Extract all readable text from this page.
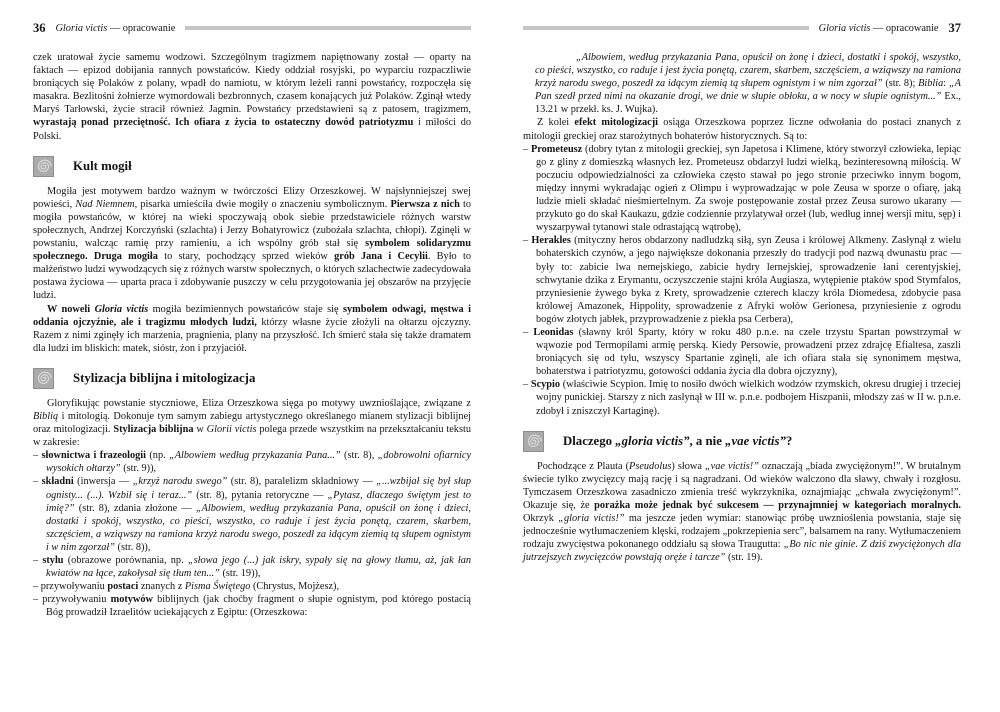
36 Gloria victis — opracowanie

czek uratował życie samemu wodzowi. Szczególnym tragizmem napiętnowany został — oparty na faktach — epizod dobijania rannych powstańców. Kiedy oddział rosyjski, po wyparciu rozpaczliwie broniących się Polaków z polany, wpadł do namiotu, w którym leżeli ranni powstańcy, rozpoczęła się masakra. Bezlitośni żołnierze wymordowali bezbronnych, czasem konających już Polaków. Zginął wtedy Maryś Tarłowski, życie stracił również Jagmin. Powstańcy przedstawieni są z patosem, tragizmem, wyrastają ponad przeciętność. Ich ofiara z życia to ostateczny dowód patriotyzmu i miłości do Polski.

Kult mogił

Mogiła jest motywem bardzo ważnym w twórczości Elizy Orzeszkowej. W najsłynniejszej swej powieści, Nad Niemnem, pisarka umieściła dwie mogiły o znaczeniu symbolicznym. Pierwsza z nich to mogiła powstańców, w której na wieki spoczywają obok siebie przedstawiciele różnych warstw społecznych, Andrzej Korczyński (szlachta) i Jerzy Bohatyrowicz (zubożała szlachta, chłopi). Zginęli w powstaniu, walcząc ramię przy ramieniu, a ich wspólny grób stał się symbolem solidaryzmu społecznego. Druga mogiła to stary, pochodzący sprzed wieków grób Jana i Cecylii. Było to małżeństwo ludzi wywodzących się z różnych warstw społecznych, o których szlachectwie zadecydowała postawa życiowa — uparta praca i zdobywanie puszczy w celu przygotowania jej obszarów na przyjęcie ludzi.

W noweli Gloria victis mogiła bezimiennych powstańców staje się symbolem odwagi, męstwa i oddania ojczyźnie, ale i tragizmu młodych ludzi, którzy własne życie złożyli na ołtarzu ojczyzny. Razem z nimi zginęły ich marzenia, pragnienia, plany na przyszłość. Ich śmierć stała się także dramatem dla ludzi im bliskich: matek, sióstr, żon i przyjaciół.

Stylizacja biblijna i mitologizacja

Gloryfikując powstanie styczniowe, Eliza Orzeszkowa sięga po motywy uwznioślające, związane z Biblią i mitologią. Dokonuje tym samym zabiegu artystycznego określanego mianem stylizacji biblijnej oraz mitologizacji. Stylizacja biblijna w Glorii victis polega przede wszystkim na przekształcaniu tekstu w zakresie:

– słownictwa i frazeologii (np. „Albowiem według przykazania Pana...” (str. 8), „dobrowolni ofiarnicy wysokich ołtarzy” (str. 9)),

– składni (inwersja — „krzyż narodu swego” (str. 8), paralelizm składniowy — „...wzbijał się był słup ognisty... (...). Wzbił się i teraz...” (str. 8), pytania retoryczne — „Pytasz, dlaczego świętym jest to imię?” (str. 8), zdania złożone — „Albowiem, według przykazania Pana, opuścił on żonę i dzieci, dostatki i spokój, wszystko, co pieści, wszystko, co raduje i jest życia ponętą, czarem, skarbem, szczęściem, a wziąwszy na ramiona krzyż narodu swego, poszedł za idącym ziemią tą słupem ognistym i w nim zgorzał” (str. 8)),

– stylu (obrazowe porównania, np. „słowa jego (...) jak iskry, sypały się na głowy tłumu, aż, jak łan kwiatów na łące, zakołysał się tłum ten...” (str. 19)),

– przywoływaniu postaci znanych z Pisma Świętego (Chrystus, Mojżesz),

– przywoływaniu motywów biblijnych (jak choćby fragment o słupie ognistym, pod którego postacią Bóg prowadził Izraelitów uciekających z Egiptu: (Orzeszkowa:

Gloria victis — opracowanie 37

„Albowiem, według przykazania Pana, opuścił on żonę i dzieci, dostatki i spokój, wszystko, co pieści, wszystko, co raduje i jest życia ponętą, czarem, skarbem, szczęściem, a wziąwszy na ramiona krzyż narodu swego, poszedł za idącym ziemią tą słupem ognistym i w nim zgorzał” (str. 8); Biblia: „A Pan szedł przed nimi na okazanie drogi, we dnie w słupie obłoku, a w nocy w słupie ognistym...” Ex., 13.21 w przekł. ks. J. Wujka).

Z kolei efekt mitologizacji osiąga Orzeszkowa poprzez liczne odwołania do postaci znanych z mitologii greckiej oraz starożytnych bohaterów historycznych. Są to:

– Prometeusz (dobry tytan z mitologii greckiej, syn Japetosa i Klimene, który stworzył człowieka, lepiąc go z gliny z domieszką własnych łez. Prometeusz obdarzył ludzi wielką, bezinteresowną miłością. W poczuciu odpowiedzialności za człowieka często stawał po jego stronie przeciwko innym bogom, między innymi wykradając ogień z Olimpu i wyprowadzając w pole Zeusa w sporze o ofiarę, jaką ludzie mieli składać nieśmiertelnym. Za swoje postępowanie został przez Zeusa surowo ukarany — przykuto go do skał Kaukazu, gdzie codziennie przylatywał orzeł (lub, według innej wersji mitu, sęp) i wyszarpywał tytanowi stale odrastającą wątrobę),

– Herakles (mityczny heros obdarzony nadludzką siłą, syn Zeusa i królowej Alkmeny. Zasłynął z wielu bohaterskich czynów, a jego największe dokonania przeszły do tradycji pod nazwą dwunastu prac — były to: zabicie lwa nemejskiego, zabicie hydry lernejskiej, sprowadzenie łani cerentyjskiej, schwytanie dzika z Erymantu, oczyszczenie stajni króla Augiasza, wytępienie ptaków spod Stymfalos, przyniesienie żywego byka z Krety, sprowadzenie czterech klaczy króla Diomedesa, zdobycie pasa królowej Amazonek, Hippolity, sprowadzenie z Afryki wołów Gerionesa, przyniesienie z ogrodu bogów złotych jabłek, przyprowadzenie z piekła psa Cerbera),

– Leonidas (sławny król Sparty, który w roku 480 p.n.e. na czele trzystu Spartan powstrzymał w wąwozie pod Termopilami armię perską. Kiedy Persowie, prowadzeni przez zdrajcę Efialtesa, zaszli broniących się od tyłu, wszyscy Spartanie zginęli, ale ich ofiara stała się synonimem męstwa, bohaterstwa i patriotyzmu, gotowości oddania życia dla dobra ojczyzny),

– Scypio (właściwie Scypion. Imię to nosiło dwóch wielkich wodzów rzymskich, okresu drugiej i trzeciej wojny punickiej. Starszy z nich zasłynął w III w. p.n.e. podbojem Hiszpanii, młodszy zaś w II w. p.n.e. zdobył i zniszczył Kartaginę).

Dlaczego „gloria victis”, a nie „vae victis”?

Pochodzące z Plauta (Pseudolus) słowa „vae victis!” oznaczają „biada zwyciężonym!”. W brutalnym świecie tylko zwycięzcy mają rację i są nagradzani. Od wieków walczono dla sławy, chwały i rozgłosu. Tymczasem Orzeszkowa zasadniczo zmienia treść wykrzyknika, oznajmiając „chwała zwyciężonym!”. Okazuje się, że porażka może jednak być sukcesem — przynajmniej w kategoriach moralnych. Okrzyk „gloria victis!” ma jeszcze jeden wymiar: stanowiąc próbę uwznioślenia powstania, staje się jednocześnie wytłumaczeniem klęski, rodzajem „pokrzepienia serc”, balsamem na rany. Wytłumaczeniem rodzaju zwycięstwa pokonanego oddziału są słowa Traugutta: „Bo nic nie ginie. Z dziś zwyciężonych dla jutrzejszych zwycięzców powstają oręże i tarcze” (str. 19).
